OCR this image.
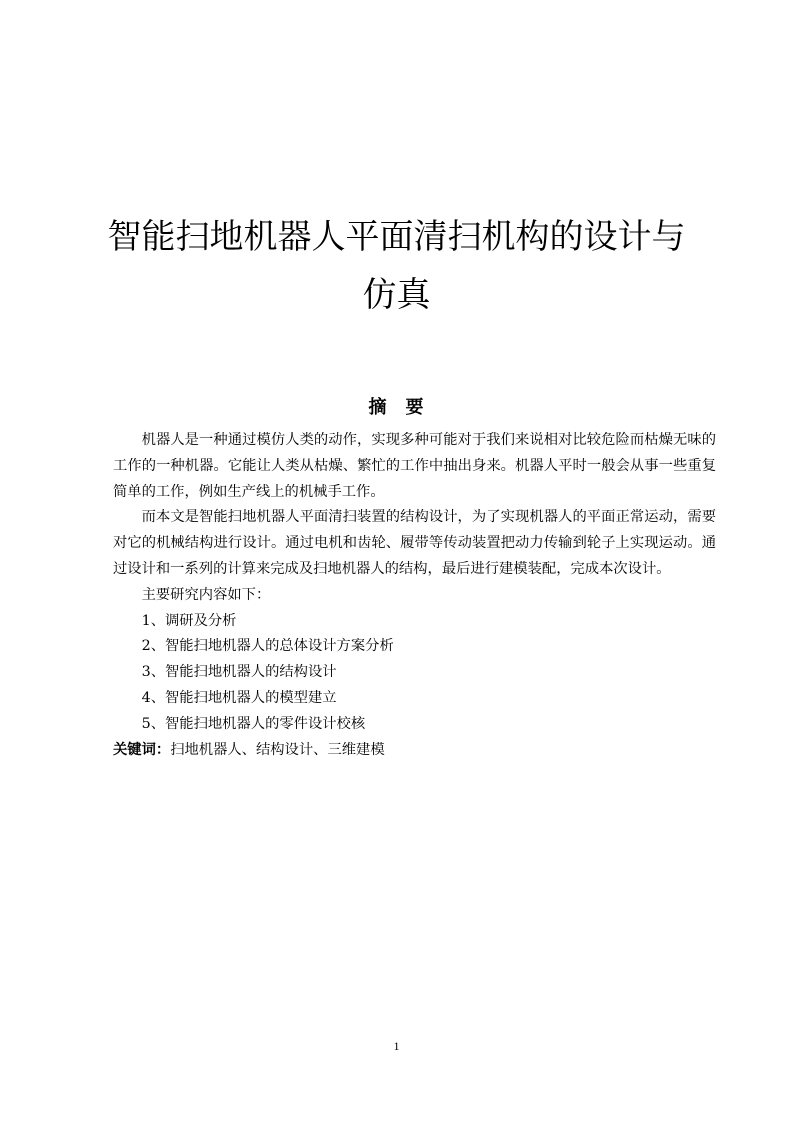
智能扫地机器人平面清扫机构的设计与
仿真
摘 要

机器人是一种通过模仿人类的动作，实现多种可能对于我们来说相对比较危险而枯燥无味的工作的一种机器。它能让人类从枯燥、繁忙的工作中抽出身来。机器人平时一般会从事一些重复简单的工作，例如生产线上的机械手工作。

而本文是智能扫地机器人平面清扫装置的结构设计，为了实现机器人的平面正常运动，需要对它的机械结构进行设计。通过电机和齿轮、履带等传动装置把动力传输到轮子上实现运动。通过设计和一系列的计算来完成及扫地机器人的结构，最后进行建模装配，完成本次设计。

主要研究内容如下：

1、调研及分析
2、智能扫地机器人的总体设计方案分析
3、智能扫地机器人的结构设计
4、智能扫地机器人的模型建立
5、智能扫地机器人的零件设计校核

关键词：扫地机器人、结构设计、三维建模

1
